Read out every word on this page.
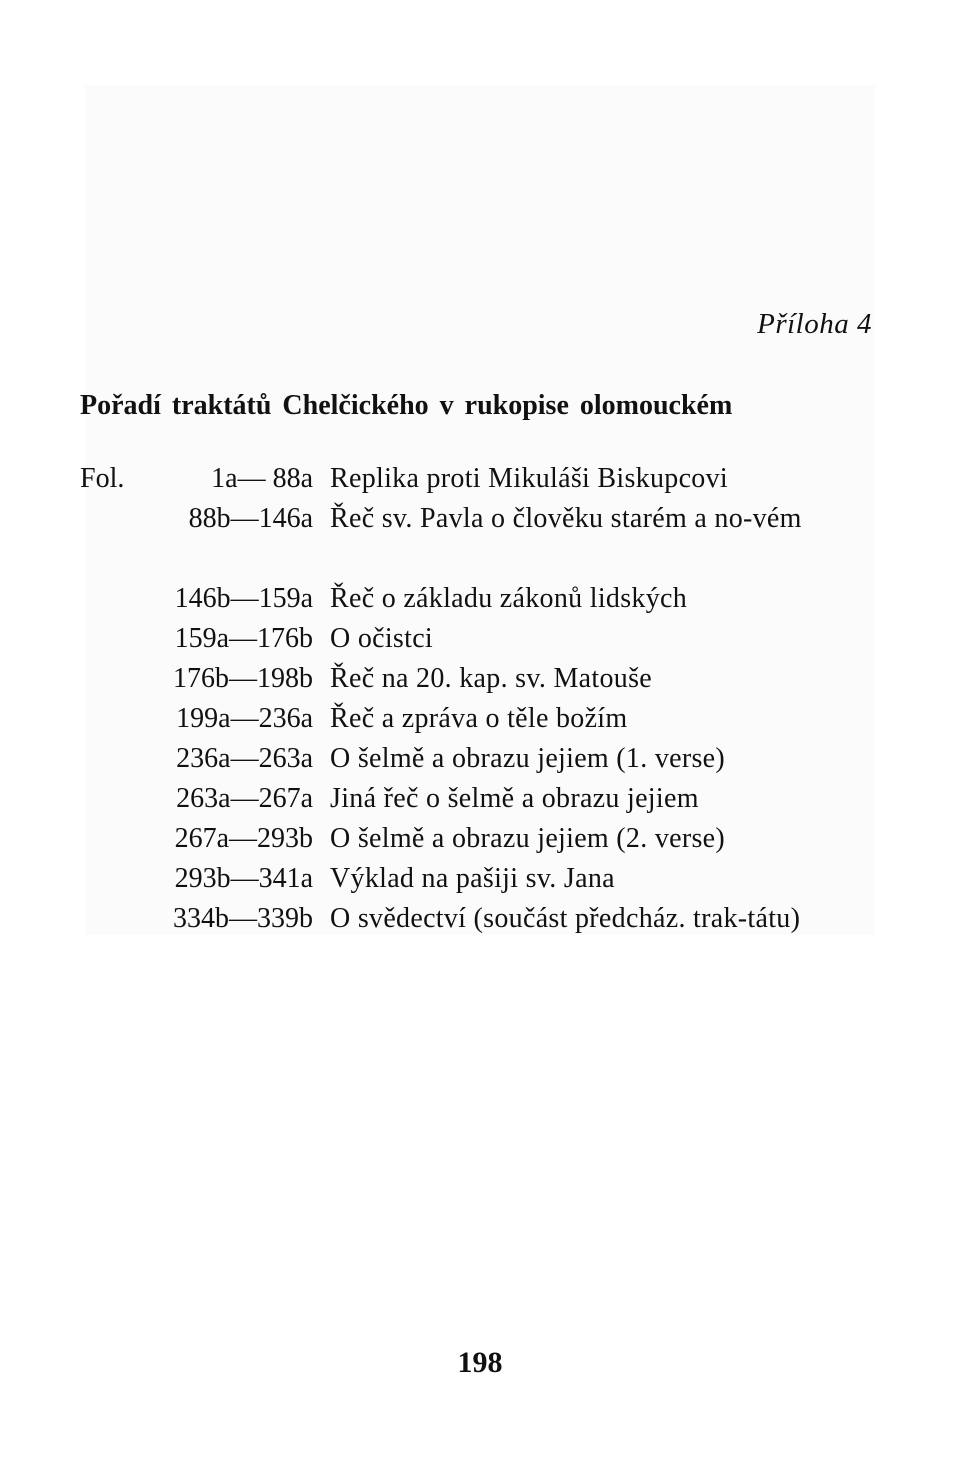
Příloha 4
Pořadí traktátů Chelčického v rukopise olomouckém
Fol.	1a— 88a Replika proti Mikuláši Biskupcovi
88b—146a Řeč sv. Pavla o člověku starém a no-vém
146b—159a Řeč o základu zákonů lidských
159a—176b O očistci
176b—198b Řeč na 20. kap. sv. Matouše
199a—236a Řeč a zpráva o těle božím
236a—263a O šelmě a obrazu jejiem (1. verse)
263a—267a Jiná řeč o šelmě a obrazu jejiem
267a—293b O šelmě a obrazu jejiem (2. verse)
293b—341a Výklad na pašiji sv. Jana
334b—339b O svědectví (součást předcház. trak-tátu)
198
